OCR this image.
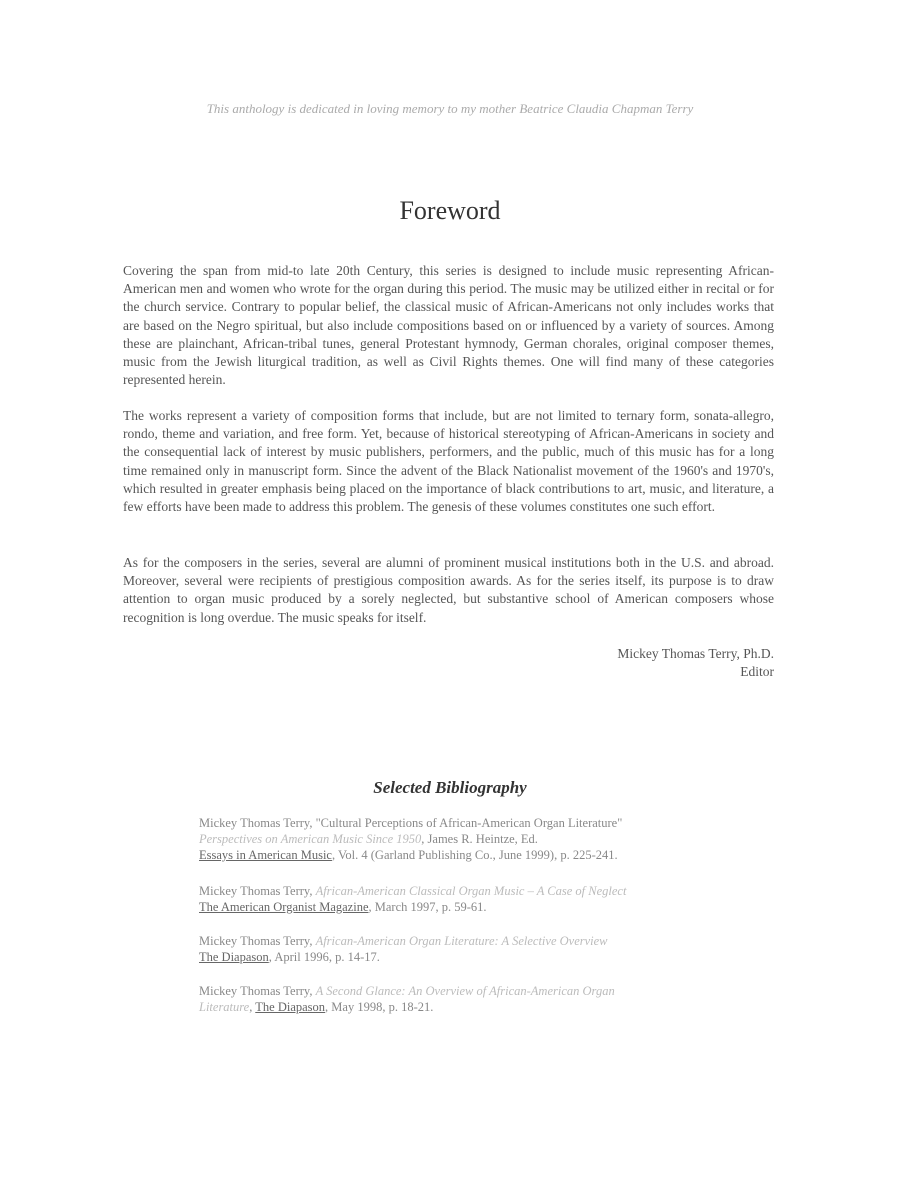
This anthology is dedicated in loving memory to my mother Beatrice Claudia Chapman Terry
Foreword

Covering the span from mid-to late 20th Century, this series is designed to include music representing African-American men and women who wrote for the organ during this period. The music may be utilized either in recital or for the church service. Contrary to popular belief, the classical music of African-Americans not only includes works that are based on the Negro spiritual, but also include compositions based on or influenced by a variety of sources. Among these are plainchant, African-tribal tunes, general Protestant hymnody, German chorales, original composer themes, music from the Jewish liturgical tradition, as well as Civil Rights themes. One will find many of these categories represented herein.

The works represent a variety of composition forms that include, but are not limited to ternary form, sonata-allegro, rondo, theme and variation, and free form. Yet, because of historical stereotyping of African-Americans in society and the consequential lack of interest by music publishers, performers, and the public, much of this music has for a long time remained only in manuscript form. Since the advent of the Black Nationalist movement of the 1960's and 1970's, which resulted in greater emphasis being placed on the importance of black contributions to art, music, and literature, a few efforts have been made to address this problem. The genesis of these volumes constitutes one such effort.

As for the composers in the series, several are alumni of prominent musical institutions both in the U.S. and abroad. Moreover, several were recipients of prestigious composition awards. As for the series itself, its purpose is to draw attention to organ music produced by a sorely neglected, but substantive school of American composers whose recognition is long overdue. The music speaks for itself.

Mickey Thomas Terry, Ph.D.
Editor
Selected Bibliography
Mickey Thomas Terry, "Cultural Perceptions of African-American Organ Literature"
Perspectives on American Music Since 1950, James R. Heintze, Ed.
Essays in American Music, Vol. 4 (Garland Publishing Co., June 1999), p. 225-241.
Mickey Thomas Terry, African-American Classical Organ Music – A Case of Neglect
The American Organist Magazine, March 1997, p. 59-61.
Mickey Thomas Terry, African-American Organ Literature: A Selective Overview
The Diapason, April 1996, p. 14-17.
Mickey Thomas Terry, A Second Glance: An Overview of African-American Organ
Literature, The Diapason, May 1998, p. 18-21.
